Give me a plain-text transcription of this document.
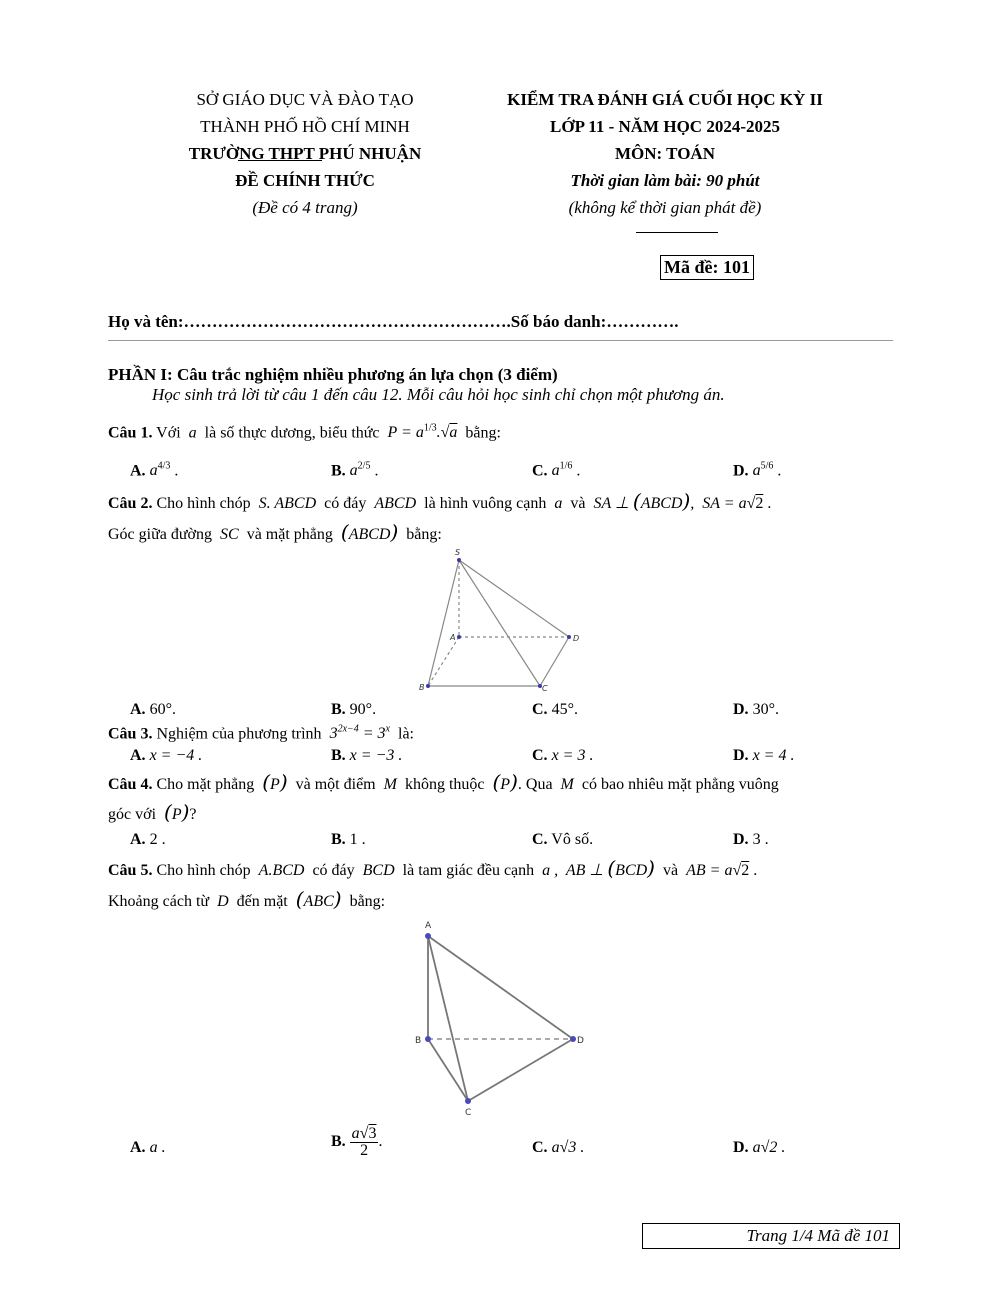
SỞ GIÁO DỤC VÀ ĐÀO TẠO
THÀNH PHỐ HỒ CHÍ MINH
TRƯỜNG THPT PHÚ NHUẬN
ĐỀ CHÍNH THỨC
(Đề có 4 trang)
KIỂM TRA ĐÁNH GIÁ CUỐI HỌC KỲ II
LỚP 11 - NĂM HỌC 2024-2025
MÔN: TOÁN
Thời gian làm bài: 90 phút
(không kể thời gian phát đề)
Mã đề: 101
Họ và tên:………………………………………………….Số báo danh:………….
PHẦN I: Câu trắc nghiệm nhiều phương án lựa chọn (3 điểm)
Học sinh trả lời từ câu 1 đến câu 12. Mỗi câu hỏi học sinh chỉ chọn một phương án.
Câu 1. Với  a  là số thực dương, biểu thức  $P = a^{1/3}.√a$ bằng:
A. $a^{4/3}$ .	B. $a^{2/5}$ .	C. $a^{1/6}$ .	D. $a^{5/6}$ .
Câu 2. Cho hình chóp  S. ABCD  có đáy  ABCD  là hình vuông cạnh  a  và  SA ⊥ (ABCD),  SA = a√2 .
Góc giữa đường  SC  và mặt phẳng (ABCD) bằng:
S
A	D
B	C
A. 60°.	B. 90°.	C. 45°.	D. 30°.
Câu 3. Nghiệm của phương trình  $3^{2x-4} = 3^x$ là:
A. x = −4 .	B. x = −3 .	C. x = 3 .	D. x = 4 .
Câu 4. Cho mặt phẳng (P) và một điểm  M  không thuộc (P). Qua  M  có bao nhiêu mặt phẳng vuông
góc với (P)?
A. 2 .	B. 1 .	C. Vô số.	D. 3 .
Câu 5. Cho hình chóp  A.BCD  có đáy  BCD  là tam giác đều cạnh  a ,  AB ⊥ (BCD) và  AB = a√2 .
Khoảng cách từ  D  đến mặt (ABC) bằng:
A
B	D
C
A. a .	B. $\frac{a√3}{2}$ .	C. a√3 .	D. a√2 .
Trang 1/4 Mã đề 101
